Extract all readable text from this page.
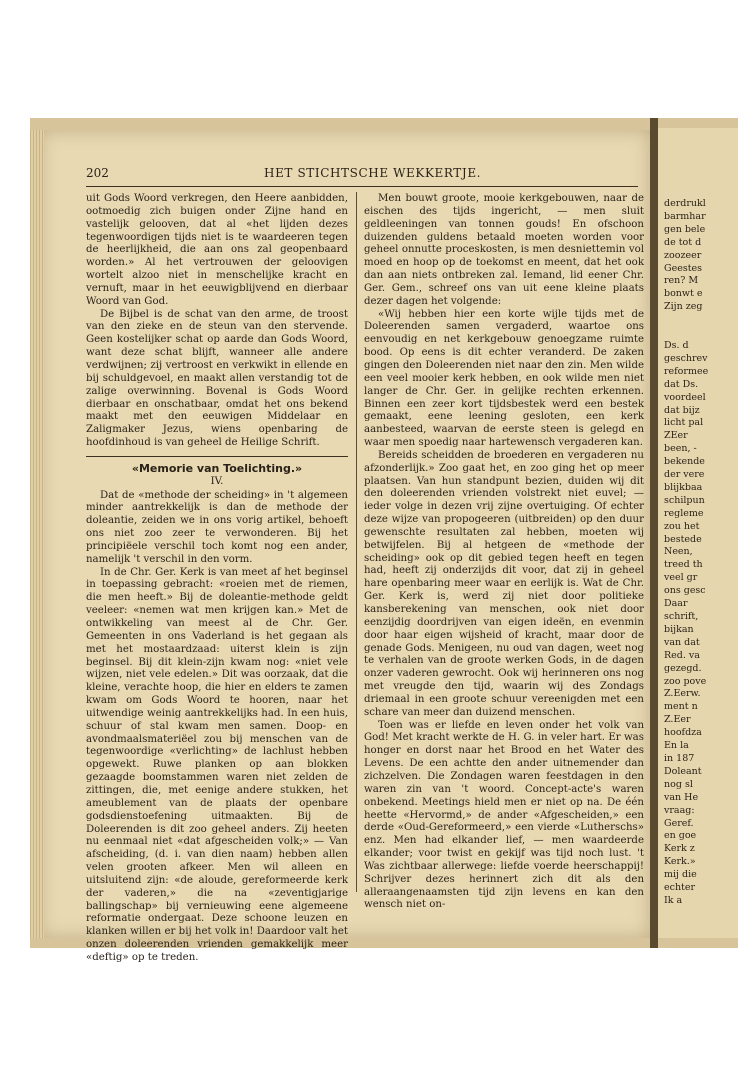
derdrukl
barmhar
gen bele
de tot d
zoozeer
Geestes
ren? M
bonwt e
Zijn zeg

Ds. d
geschrev
reformee
dat Ds.
voordeel
dat bijz
licht pal
ZEer
been, -
bekende
der vere
blijkbaa
schilpun
regleme
zou het
bestede
Neen,
treed th
veel gr
ons gesc
Daar
schrift,
bijkan
van dat
Red. va
gezegd.
zoo pove
Z.Eerw.
ment n
Z.Eer
hoofdza
En la
in 187
Doleant
nog sl
van He
vraag:
Geref.
en goe
Kerk z
Kerk.»
mij die
echter
Ik a
202	HET STICHTSCHE WEKKERTJE.

uit Gods Woord verkregen, den Heere aanbidden, ootmoedig zich buigen onder Zijne hand en vastelijk gelooven, dat al «het lijden dezes tegenwoordigen tijds niet is te waardeeren tegen de heerlijkheid, die aan ons zal geopenbaard worden.» Al het vertrouwen der geloovigen wortelt alzoo niet in menschelijke kracht en vernuft, maar in het eeuwigblijvend en dierbaar Woord van God.

De Bijbel is de schat van den arme, de troost van den zieke en de steun van den stervende. Geen kostelijker schat op aarde dan Gods Woord, want deze schat blijft, wanneer alle andere verdwijnen; zij vertroost en verkwikt in ellende en bij schuldgevoel, en maakt allen verstandig tot de zalige overwinning. Bovenal is Gods Woord dierbaar en onschatbaar, omdat het ons bekend maakt met den eeuwigen Middelaar en Zaligmaker Jezus, wiens openbaring de hoofdinhoud is van geheel de Heilige Schrift.

«Memorie van Toelichting.»
IV.

Dat de «methode der scheiding» in 't algemeen minder aantrekkelijk is dan de methode der doleantie, zeiden we in ons vorig artikel, behoeft ons niet zoo zeer te verwonderen. Bij het principiëele verschil toch komt nog een ander, namelijk 't verschil in den vorm.

In de Chr. Ger. Kerk is van meet af het beginsel in toepassing gebracht: «roeien met de riemen, die men heeft.» Bij de doleantie-methode geldt veeleer: «nemen wat men krijgen kan.» Met de ontwikkeling van meest al de Chr. Ger. Gemeenten in ons Vaderland is het gegaan als met het mostaardzaad: uiterst klein is zijn beginsel. Bij dit klein-zijn kwam nog: «niet vele wijzen, niet vele edelen.» Dit was oorzaak, dat die kleine, verachte hoop, die hier en elders te zamen kwam om Gods Woord te hooren, naar het uitwendige weinig aantrekkelijks had. In een huis, schuur of stal kwam men samen. Doop- en avondmaalsmateriëel zou bij menschen van de tegenwoordige «verlichting» de lachlust hebben opgewekt. Ruwe planken op aan blokken gezaagde boomstammen waren niet zelden de zittingen, die, met eenige andere stukken, het ameublement van de plaats der openbare godsdienstoefening uitmaakten. Bij de Doleerenden is dit zoo geheel anders. Zij heeten nu eenmaal niet «dat afgescheiden volk;» — Van afscheiding, (d. i. van dien naam) hebben allen velen grooten afkeer. Men wil alleen en uitsluitend zijn: «de aloude, gereformeerde kerk der vaderen,» die na «zeventigjarige ballingschap» bij vernieuwing eene algemeene reformatie ondergaat. Deze schoone leuzen en klanken willen er bij het volk in! Daardoor valt het onzen doleerenden vrienden gemakkelijk meer «deftig» op te treden.

Men bouwt groote, mooie kerkgebouwen, naar de eischen des tijds ingericht, — men sluit geldleeningen van tonnen gouds! En ofschoon duizenden guldens betaald moeten worden voor geheel onnutte proceskosten, is men desniettemin vol moed en hoop op de toekomst en meent, dat het ook dan aan niets ontbreken zal. Iemand, lid eener Chr. Ger. Gem., schreef ons van uit eene kleine plaats dezer dagen het volgende:

«Wij hebben hier een korte wijle tijds met de Doleerenden samen vergaderd, waartoe ons eenvoudig en net kerkgebouw genoegzame ruimte bood. Op eens is dit echter veranderd. De zaken gingen den Doleerenden niet naar den zin. Men wilde een veel mooier kerk hebben, en ook wilde men niet langer de Chr. Ger. in gelijke rechten erkennen. Binnen een zeer kort tijdsbestek werd een bestek gemaakt, eene leening gesloten, een kerk aanbesteed, waarvan de eerste steen is gelegd en waar men spoedig naar hartewensch vergaderen kan.

Bereids scheidden de broederen en vergaderen nu afzonderlijk.» Zoo gaat het, en zoo ging het op meer plaatsen. Van hun standpunt bezien, duiden wij dit den doleerenden vrienden volstrekt niet euvel; — ieder volge in dezen vrij zijne overtuiging. Of echter deze wijze van propogeeren (uitbreiden) op den duur gewenschte resultaten zal hebben, moeten wij betwijfelen. Bij al hetgeen de «methode der scheiding» ook op dit gebied tegen heeft en tegen had, heeft zij onderzijds dit voor, dat zij in geheel hare openbaring meer waar en eerlijk is. Wat de Chr. Ger. Kerk is, werd zij niet door politieke kansberekening van menschen, ook niet door eenzijdig doordrijven van eigen ideën, en evenmin door haar eigen wijsheid of kracht, maar door de genade Gods. Menigeen, nu oud van dagen, weet nog te verhalen van de groote werken Gods, in de dagen onzer vaderen gewrocht. Ook wij herinneren ons nog met vreugde den tijd, waarin wij des Zondags driemaal in een groote schuur vereenigden met een schare van meer dan duizend menschen.

Toen was er liefde en leven onder het volk van God! Met kracht werkte de H. G. in veler hart. Er was honger en dorst naar het Brood en het Water des Levens. De een achtte den ander uitnemender dan zichzelven. Die Zondagen waren feestdagen in den waren zin van 't woord. Concept-acte's waren onbekend. Meetings hield men er niet op na. De één heette «Hervormd,» de ander «Afgescheiden,» een derde «Oud-Gereformeerd,» een vierde «Lutherschs» enz. Men had elkander lief, — men waardeerde elkander; voor twist en gekijf was tijd noch lust. 't Was zichtbaar allerwege: liefde voerde heerschappij! Schrijver dezes herinnert zich dit als den alleraangenaamsten tijd zijn levens en kan den wensch niet on-
